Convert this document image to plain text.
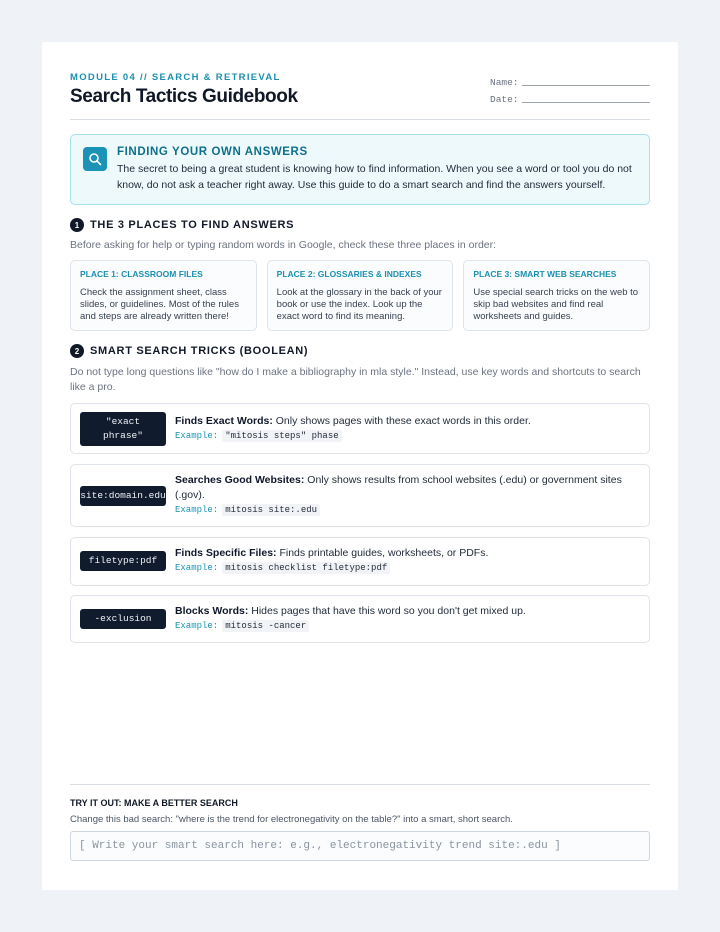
MODULE 04 // SEARCH & RETRIEVAL
Search Tactics Guidebook
Name:
Date:
FINDING YOUR OWN ANSWERS
The secret to being a great student is knowing how to find information. When you see a word or tool you do not know, do not ask a teacher right away. Use this guide to do a smart search and find the answers yourself.
1 THE 3 PLACES TO FIND ANSWERS
Before asking for help or typing random words in Google, check these three places in order:
PLACE 1: CLASSROOM FILES
Check the assignment sheet, class slides, or guidelines. Most of the rules and steps are already written there!
PLACE 2: GLOSSARIES & INDEXES
Look at the glossary in the back of your book or use the index. Look up the exact word to find its meaning.
PLACE 3: SMART WEB SEARCHES
Use special search tricks on the web to skip bad websites and find real worksheets and guides.
2 SMART SEARCH TRICKS (BOOLEAN)
Do not type long questions like "how do I make a bibliography in mla style." Instead, use key words and shortcuts to search like a pro.
"exact
phrase"
Finds Exact Words: Only shows pages with these exact words in this order.
Example: "mitosis steps" phase
site:domain.edu
Searches Good Websites: Only shows results from school websites (.edu) or government sites (.gov).
Example: mitosis site:.edu
filetype:pdf
Finds Specific Files: Finds printable guides, worksheets, or PDFs.
Example: mitosis checklist filetype:pdf
-exclusion
Blocks Words: Hides pages that have this word so you don't get mixed up.
Example: mitosis -cancer
TRY IT OUT: MAKE A BETTER SEARCH
Change this bad search: "where is the trend for electronegativity on the table?" into a smart, short search.
[ Write your smart search here: e.g., electronegativity trend site:.edu ]
